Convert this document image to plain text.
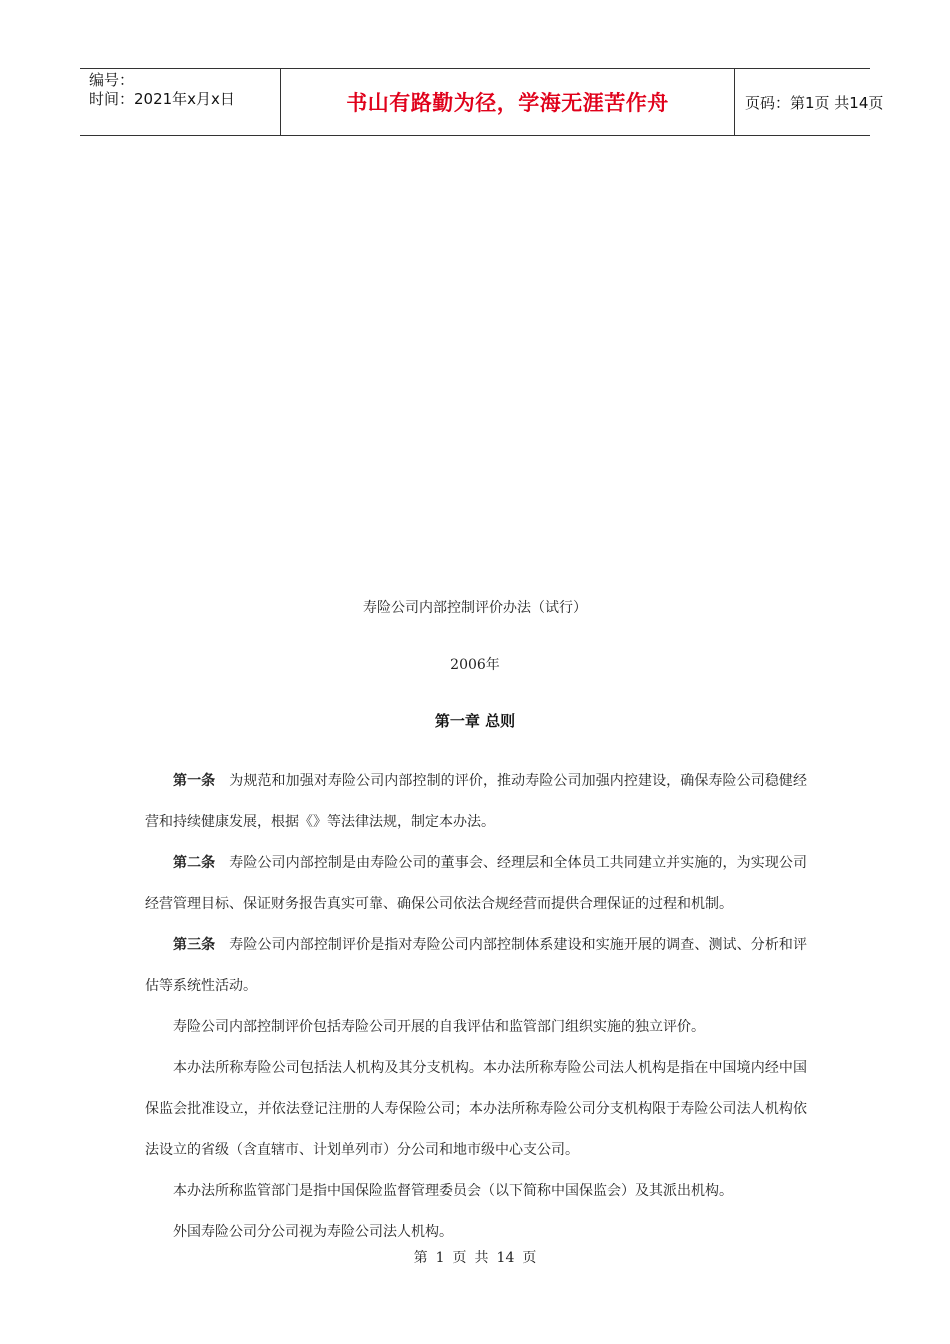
编号：
时间：2021年x月x日	书山有路勤为径，学海无涯苦作舟	页码：第1页 共14页
寿险公司内部控制评价办法（试行）
2006年
第一章 总则

第一条 为规范和加强对寿险公司内部控制的评价，推动寿险公司加强内控建设，确保寿险公司稳健经营和持续健康发展，根据《》等法律法规，制定本办法。

第二条 寿险公司内部控制是由寿险公司的董事会、经理层和全体员工共同建立并实施的，为实现公司经营管理目标、保证财务报告真实可靠、确保公司依法合规经营而提供合理保证的过程和机制。

第三条 寿险公司内部控制评价是指对寿险公司内部控制体系建设和实施开展的调查、测试、分析和评估等系统性活动。

寿险公司内部控制评价包括寿险公司开展的自我评估和监管部门组织实施的独立评价。

本办法所称寿险公司包括法人机构及其分支机构。本办法所称寿险公司法人机构是指在中国境内经中国保监会批准设立，并依法登记注册的人寿保险公司；本办法所称寿险公司分支机构限于寿险公司法人机构依法设立的省级（含直辖市、计划单列市）分公司和地市级中心支公司。

本办法所称监管部门是指中国保险监督管理委员会（以下简称中国保监会）及其派出机构。

外国寿险公司分公司视为寿险公司法人机构。

第 1 页 共 14 页
